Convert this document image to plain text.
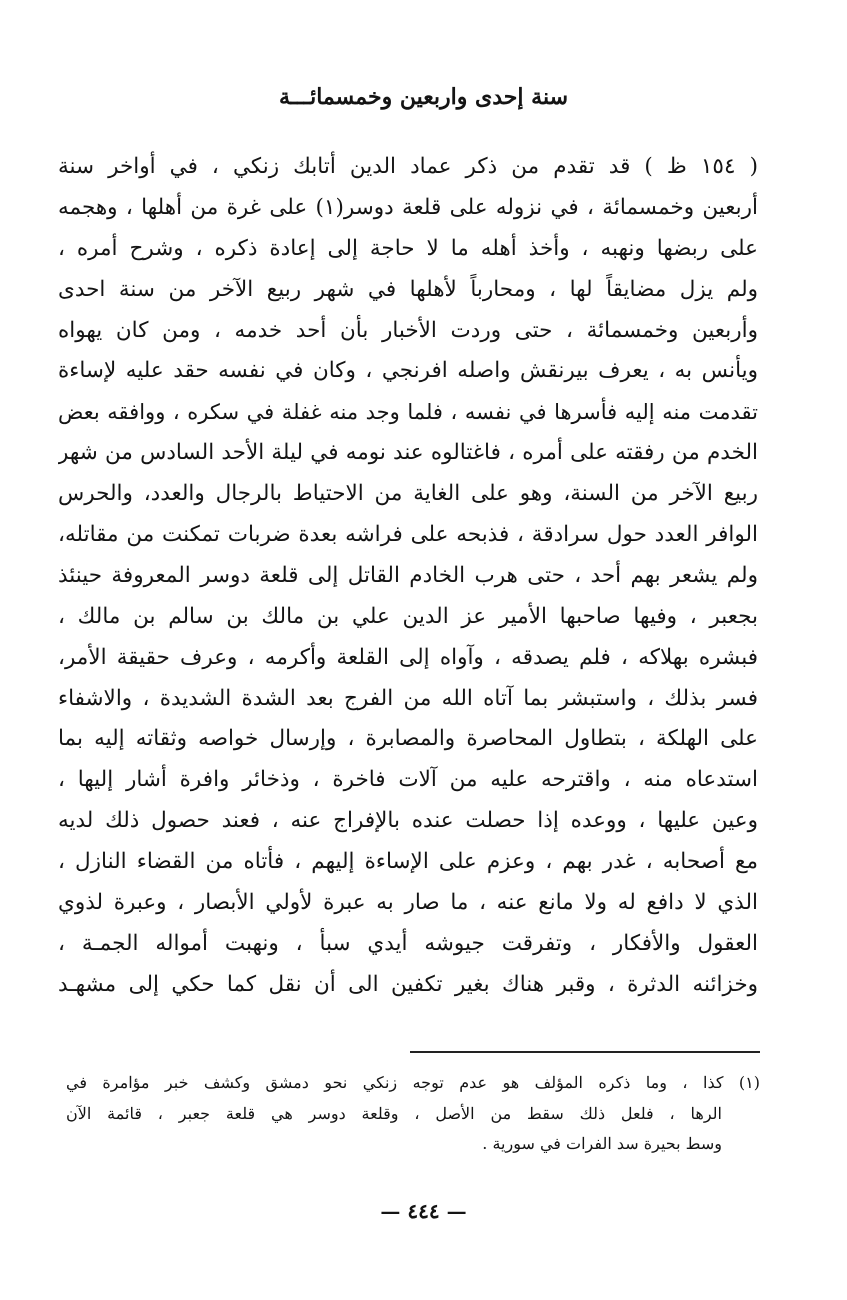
سنة إحدى واربعين وخمسمائـــة
( ١٥٤ ظ ) قد تقدم من ذكر عماد الدين أتابك زنكي ، في أواخر سنة
أربعين وخمسمائة ، في نزوله على قلعة دوسر(١) على غرة من أهلها ، وهجمه
على ربضها ونهبه ، وأخذ أهله ما لا حاجة إلى إعادة ذكره ، وشرح أمره ،
ولم يزل مضايقاً لها ، ومحارباً لأهلها في شهر ربيع الآخر من سنة احدى
وأربعين وخمسمائة ، حتى وردت الأخبار بأن أحد خدمه ، ومن كان يهواه
ويأنس به ، يعرف بيرنقش واصله افرنجي ، وكان في نفسه حقد عليه لإساءة
تقدمت منه إليه فأسرها في نفسه ، فلما وجد منه غفلة في سكره ، ووافقه بعض
الخدم من رفقته على أمره ، فاغتالوه عند نومه في ليلة الأحد السادس من شهر
ربيع الآخر من السنة، وهو على الغاية من الاحتياط بالرجال والعدد، والحرس
الوافر العدد حول سرادقة ، فذبحه على فراشه بعدة ضربات تمكنت من مقاتله،
ولم يشعر بهم أحد ، حتى هرب الخادم القاتل إلى قلعة دوسر المعروفة حينئذ
بجعبر ، وفيها صاحبها الأمير عز الدين علي بن مالك بن سالم بن مالك ،
فبشره بهلاكه ، فلم يصدقه ، وآواه إلى القلعة وأكرمه ، وعرف حقيقة الأمر،
فسر بذلك ، واستبشر بما آتاه الله من الفرج بعد الشدة الشديدة ، والاشفاء
على الهلكة ، بتطاول المحاصرة والمصابرة ، وإرسال خواصه وثقاته إليه بما
استدعاه منه ، واقترحه عليه من آلات فاخرة ، وذخائر وافرة أشار إليها ،
وعين عليها ، ووعده إذا حصلت عنده بالإفراج عنه ، فعند حصول ذلك لديه
مع أصحابه ، غدر بهم ، وعزم على الإساءة إليهم ، فأتاه من القضاء النازل ،
الذي لا دافع له ولا مانع عنه ، ما صار به عبرة لأولي الأبصار ، وعبرة لذوي
العقول والأفكار ، وتفرقت جيوشه أيدي سبأ ، ونهبت أمواله الجمـة ،
وخزائنه الدثرة ، وقبر هناك بغير تكفين الى أن نقل كما حكي إلى مشهـد
(١) كذا ، وما ذكره المؤلف هو عدم توجه زنكي نحو دمشق وكشف خبر مؤامرة في
الرها ، فلعل ذلك سقط من الأصل ، وقلعة دوسر هي قلعة جعبر ، قائمة الآن
وسط بحيرة سد الفرات في سورية .
— ٤٤٤ —
